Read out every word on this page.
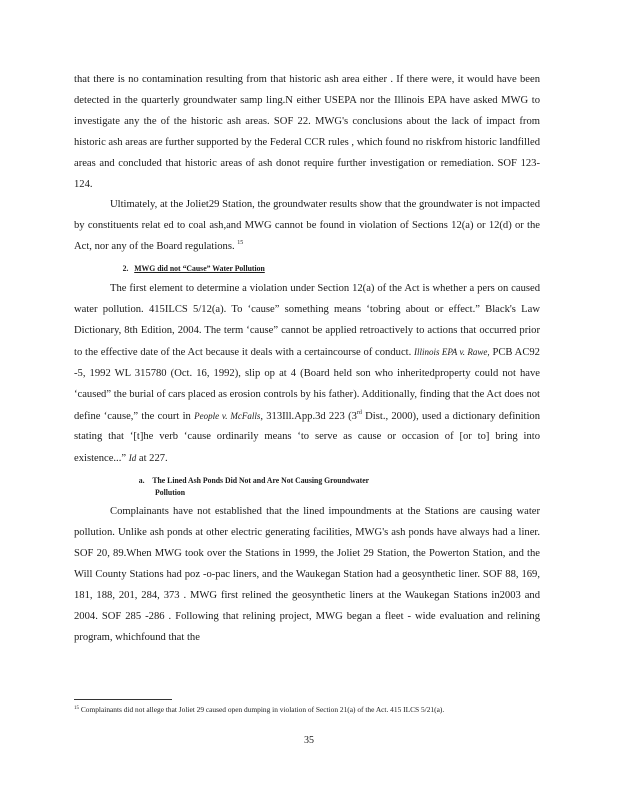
that there is no contamination resulting from that historic ash area either . If there were, it would have been detected in the quarterly groundwater samp ling.N either USEPA nor the Illinois EPA have asked MWG to investigate any the of the historic ash areas. SOF 22. MWG's conclusions about the lack of impact from historic ash areas are further supported by the Federal CCR rules , which found no riskfrom historic landfilled areas and concluded that historic areas of ash donot require further investigation or remediation. SOF 123-124.

Ultimately, at the Joliet29 Station, the groundwater results show that the groundwater is not impacted by constituents relat ed to coal ash,and MWG cannot be found in violation of Sections 12(a) or 12(d) or the Act, nor any of the Board regulations. $^{15}$

2. MWG did not “Cause” Water Pollution

The first element to determine a violation under Section 12(a) of the Act is whether a pers on caused water pollution. 415ILCS 5/12(a). To ‘cause” something means ‘tobring about or effect.” Black's Law Dictionary, 8th Edition, 2004. The term ‘cause” cannot be applied retroactively to actions that occurred prior to the effective date of the Act because it deals with a certaincourse of conduct. Illinois EPA v. Rawe, PCB AC92 -5, 1992 WL 315780 (Oct. 16, 1992), slip op at 4 (Board held son who inheritedproperty could not have ‘caused” the burial of cars placed as erosion controls by his father). Additionally, finding that the Act does not define ‘cause,” the court in People v. McFalls, 313Ill.App.3d 223 (3rd Dist., 2000), used a dictionary definition stating that ‘[t]he verb ‘cause ordinarily means ‘to serve as cause or occasion of [or to] bring into existence...” Id at 227.

a. The Lined Ash Ponds Did Not and Are Not Causing Groundwater
Pollution

Complainants have not established that the lined impoundments at the Stations are causing water pollution. Unlike ash ponds at other electric generating facilities, MWG's ash ponds have always had a liner. SOF 20, 89.When MWG took over the Stations in 1999, the Joliet 29 Station, the Powerton Station, and the Will County Stations had poz -o-pac liners, and the Waukegan Station had a geosynthetic liner. SOF 88, 169, 181, 188, 201, 284, 373 . MWG first relined the geosynthetic liners at the Waukegan Stations in2003 and 2004. SOF 285 -286 . Following that relining project, MWG began a fleet - wide evaluation and relining program, whichfound that the

$^{15}$ Complainants did not allege that Joliet 29 caused open dumping in violation of Section 21(a) of the Act. 415 ILCS 5/21(a).
35
